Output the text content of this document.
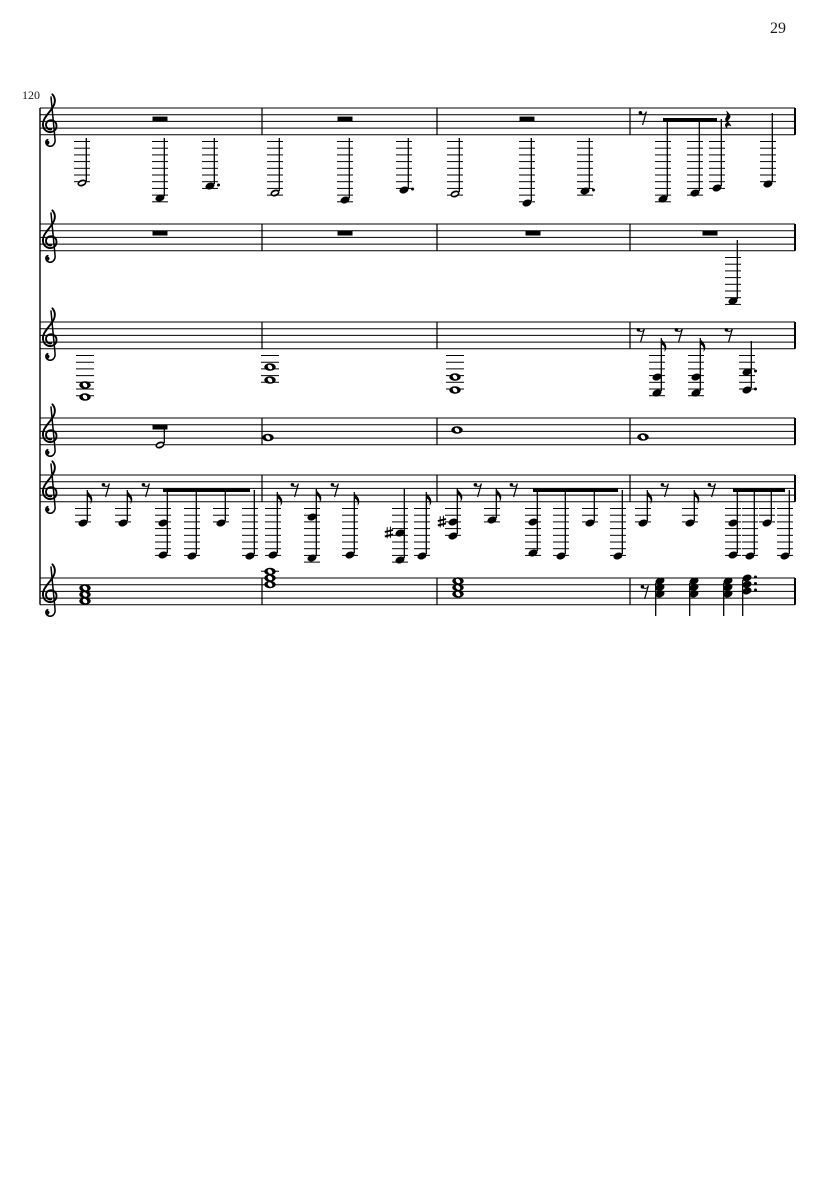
29
120
